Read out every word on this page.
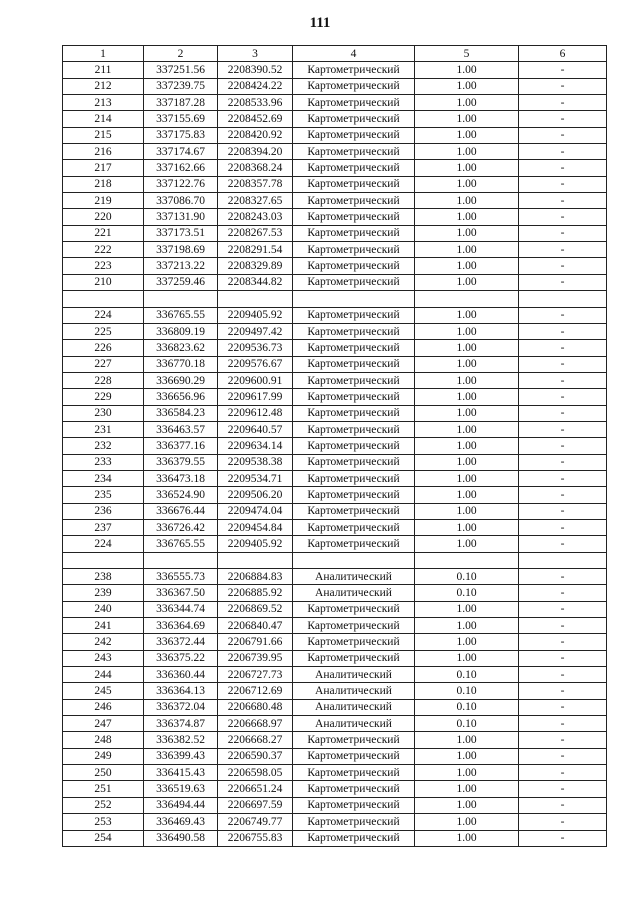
111
1	2	3	4	5	6
211	337251.56	2208390.52	Картометрический	1.00	-
212	337239.75	2208424.22	Картометрический	1.00	-
213	337187.28	2208533.96	Картометрический	1.00	-
214	337155.69	2208452.69	Картометрический	1.00	-
215	337175.83	2208420.92	Картометрический	1.00	-
216	337174.67	2208394.20	Картометрический	1.00	-
217	337162.66	2208368.24	Картометрический	1.00	-
218	337122.76	2208357.78	Картометрический	1.00	-
219	337086.70	2208327.65	Картометрический	1.00	-
220	337131.90	2208243.03	Картометрический	1.00	-
221	337173.51	2208267.53	Картометрический	1.00	-
222	337198.69	2208291.54	Картометрический	1.00	-
223	337213.22	2208329.89	Картометрический	1.00	-
210	337259.46	2208344.82	Картометрический	1.00	-

224	336765.55	2209405.92	Картометрический	1.00	-
225	336809.19	2209497.42	Картометрический	1.00	-
226	336823.62	2209536.73	Картометрический	1.00	-
227	336770.18	2209576.67	Картометрический	1.00	-
228	336690.29	2209600.91	Картометрический	1.00	-
229	336656.96	2209617.99	Картометрический	1.00	-
230	336584.23	2209612.48	Картометрический	1.00	-
231	336463.57	2209640.57	Картометрический	1.00	-
232	336377.16	2209634.14	Картометрический	1.00	-
233	336379.55	2209538.38	Картометрический	1.00	-
234	336473.18	2209534.71	Картометрический	1.00	-
235	336524.90	2209506.20	Картометрический	1.00	-
236	336676.44	2209474.04	Картометрический	1.00	-
237	336726.42	2209454.84	Картометрический	1.00	-
224	336765.55	2209405.92	Картометрический	1.00	-

238	336555.73	2206884.83	Аналитический	0.10	-
239	336367.50	2206885.92	Аналитический	0.10	-
240	336344.74	2206869.52	Картометрический	1.00	-
241	336364.69	2206840.47	Картометрический	1.00	-
242	336372.44	2206791.66	Картометрический	1.00	-
243	336375.22	2206739.95	Картометрический	1.00	-
244	336360.44	2206727.73	Аналитический	0.10	-
245	336364.13	2206712.69	Аналитический	0.10	-
246	336372.04	2206680.48	Аналитический	0.10	-
247	336374.87	2206668.97	Аналитический	0.10	-
248	336382.52	2206668.27	Картометрический	1.00	-
249	336399.43	2206590.37	Картометрический	1.00	-
250	336415.43	2206598.05	Картометрический	1.00	-
251	336519.63	2206651.24	Картометрический	1.00	-
252	336494.44	2206697.59	Картометрический	1.00	-
253	336469.43	2206749.77	Картометрический	1.00	-
254	336490.58	2206755.83	Картометрический	1.00	-
